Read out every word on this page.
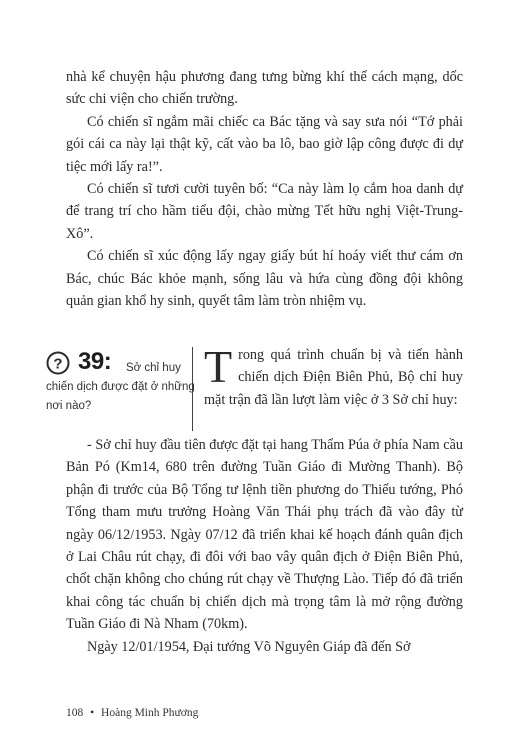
nhà kể chuyện hậu phương đang tưng bừng khí thế cách mạng, dốc sức chi viện cho chiến trường.

Có chiến sĩ ngắm mãi chiếc ca Bác tặng và say sưa nói “Tớ phải gói cái ca này lại thật kỹ, cất vào ba lô, bao giờ lập công được đi dự tiệc mới lấy ra!”.

Có chiến sĩ tươi cười tuyên bố: “Ca này làm lọ cắm hoa danh dự để trang trí cho hầm tiểu đội, chào mừng Tết hữu nghị Việt-Trung-Xô”.

Có chiến sĩ xúc động lấy ngay giấy bút hí hoáy viết thư cám ơn Bác, chúc Bác khỏe mạnh, sống lâu và hứa cùng đồng đội không quản gian khổ hy sinh, quyết tâm làm tròn nhiệm vụ.

? 39:	Sở chỉ huy chiến dịch được đặt ở những nơi nào?
T rong quá trình chuẩn bị và tiến hành chiến dịch Điện Biên Phủ, Bộ chỉ huy mặt trận đã lần lượt làm việc ở 3 Sở chỉ huy:

- Sở chỉ huy đầu tiên được đặt tại hang Thẩm Púa ở phía Nam cầu Bản Pó (Km14, 680 trên đường Tuần Giáo đi Mường Thanh). Bộ phận đi trước của Bộ Tổng tư lệnh tiền phương do Thiếu tướng, Phó Tổng tham mưu trưởng Hoàng Văn Thái phụ trách đã vào đây từ ngày 06/12/1953. Ngày 07/12 đã triển khai kế hoạch đánh quân địch ở Lai Châu rút chạy, đi đôi với bao vây quân địch ở Điện Biên Phủ, chốt chặn không cho chúng rút chạy về Thượng Lào. Tiếp đó đã triển khai công tác chuẩn bị chiến dịch mà trọng tâm là mở rộng đường Tuần Giáo đi Nà Nham (70km).

Ngày 12/01/1954, Đại tướng Võ Nguyên Giáp đã đến Sở

108 • Hoàng Minh Phương
